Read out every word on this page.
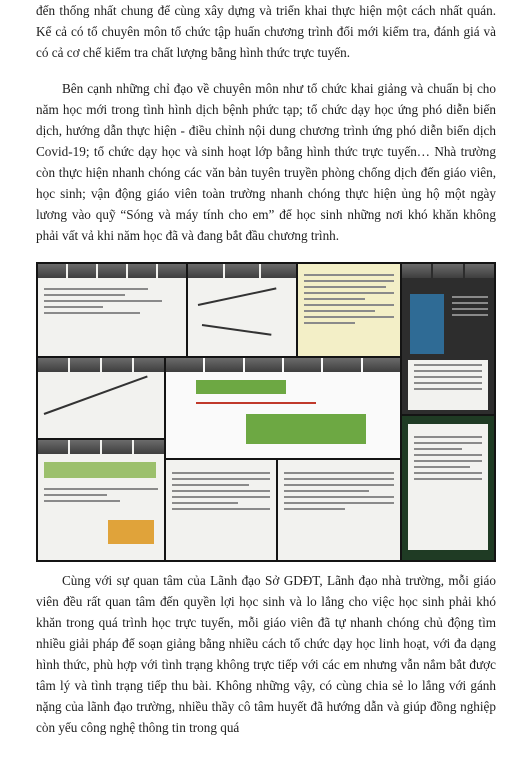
đến thống nhất chung để cùng xây dựng và triển khai thực hiện một cách nhất quán. Kể cả có tổ chuyên môn tổ chức tập huấn chương trình đổi mới kiểm tra, đánh giá và có cả cơ chế kiểm tra chất lượng bằng hình thức trực tuyến.
Bên cạnh những chỉ đạo về chuyên môn như tổ chức khai giảng và chuẩn bị cho năm học mới trong tình hình dịch bệnh phức tạp; tổ chức dạy học ứng phó diễn biến dịch, hướng dẫn thực hiện - điều chỉnh nội dung chương trình ứng phó diễn biến dịch Covid-19; tổ chức dạy học và sinh hoạt lớp bằng hình thức trực tuyến… Nhà trường còn thực hiện nhanh chóng các văn bản tuyên truyền phòng chống dịch đến giáo viên, học sinh; vận động giáo viên toàn trường nhanh chóng thực hiện ủng hộ một ngày lương vào quỹ “Sóng và máy tính cho em” để học sinh những nơi khó khăn không phải vất vả khi năm học đã và đang bắt đầu chương trình.
Cùng với sự quan tâm của Lãnh đạo Sở GDĐT, Lãnh đạo nhà trường, mỗi giáo viên đều rất quan tâm đến quyền lợi học sinh và lo lắng cho việc học sinh phải khó khăn trong quá trình học trực tuyến, mỗi giáo viên đã tự nhanh chóng chủ động tìm nhiều giải pháp để soạn giảng bằng nhiều cách tổ chức dạy học linh hoạt, với đa dạng hình thức, phù hợp với tình trạng không trực tiếp với các em nhưng vẫn nắm bắt được tâm lý và tình trạng tiếp thu bài. Không những vậy, có cùng chia sẻ lo lắng với gánh nặng của lãnh đạo trường, nhiều thầy cô tâm huyết đã hướng dẫn và giúp đồng nghiệp còn yếu công nghệ thông tin trong quá
